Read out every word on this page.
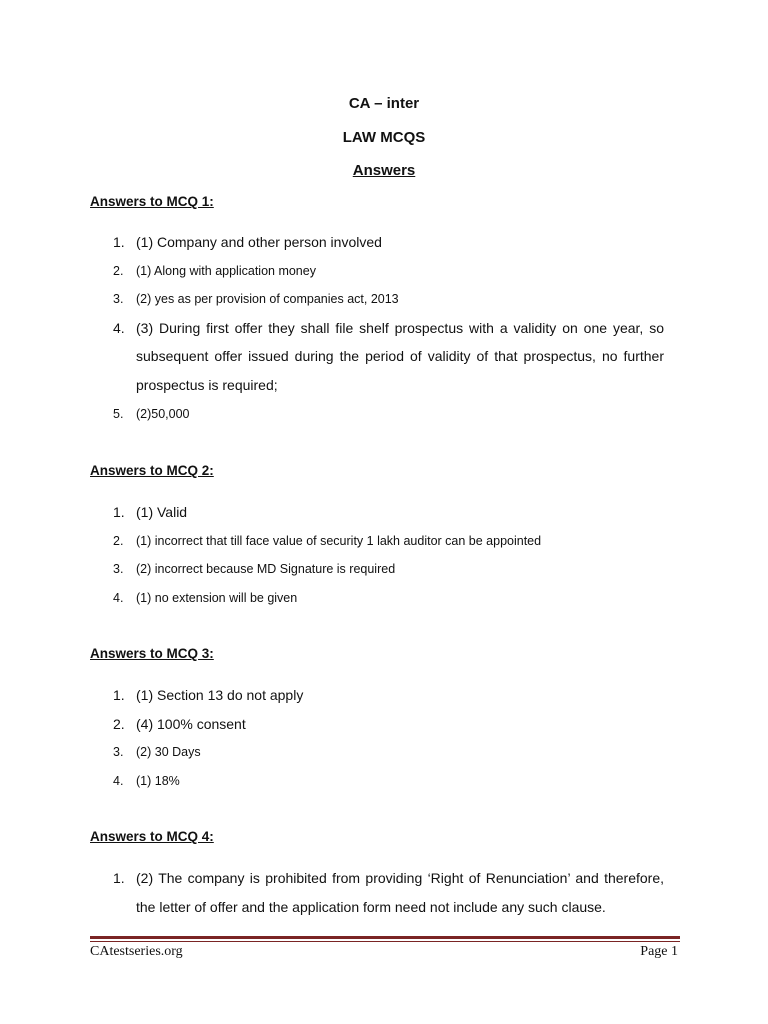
CA – inter
LAW MCQS
Answers
Answers to MCQ 1:
1. (1) Company and other person involved
2. (1) Along with application money
3. (2) yes as per provision of companies act, 2013
4. (3) During first offer they shall file shelf prospectus with a validity on one year, so subsequent offer issued during the period of validity of that prospectus, no further prospectus is required;
5. (2)50,000
Answers to MCQ 2:
1. (1) Valid
2. (1) incorrect that till face value of security 1 lakh auditor can be appointed
3. (2) incorrect because MD Signature is required
4. (1) no extension will be given
Answers to MCQ 3:
1. (1) Section 13 do not apply
2. (4) 100% consent
3. (2) 30 Days
4. (1) 18%
Answers to MCQ 4:
1. (2) The company is prohibited from providing ‘Right of Renunciation’ and therefore, the letter of offer and the application form need not include any such clause.
CAtestseries.org	Page 1
